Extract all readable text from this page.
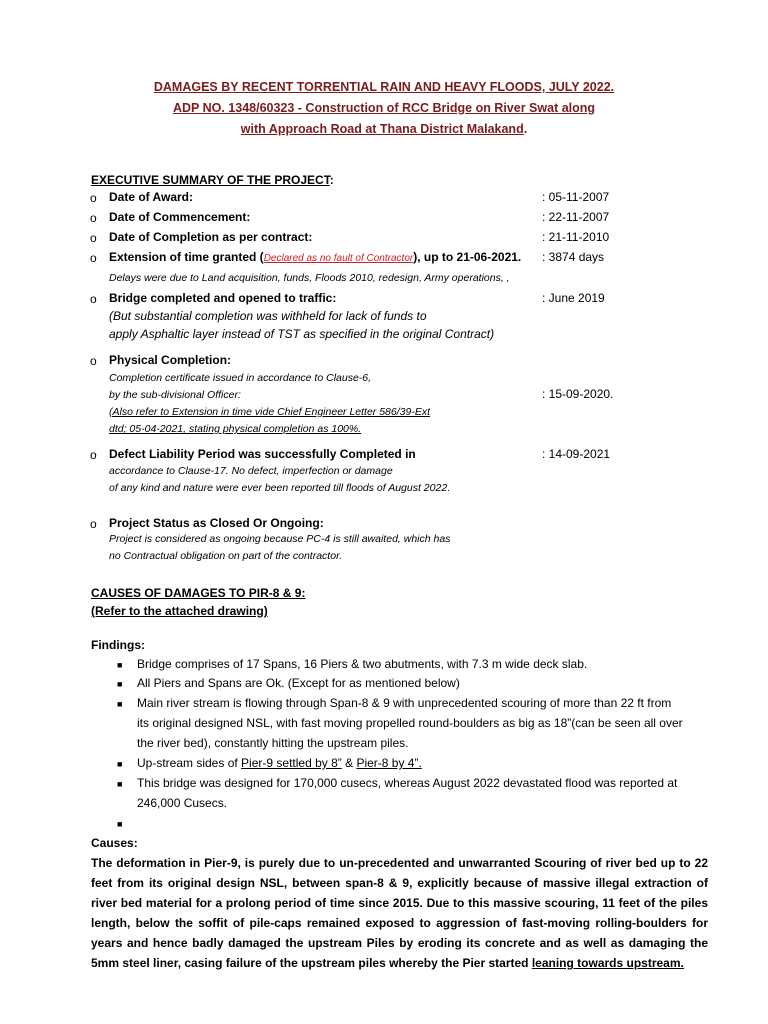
DAMAGES BY RECENT TORRENTIAL RAIN AND HEAVY FLOODS, JULY 2022.
ADP NO. 1348/60323 - Construction of RCC Bridge on River Swat along
with Approach Road at Thana District Malakand.
EXECUTIVE SUMMARY OF THE PROJECT:
o Date of Award:	: 05-11-2007
o Date of Commencement:	: 22-11-2007
o Date of Completion as per contract:	: 21-11-2010
o Extension of time granted (Declared as no fault of Contractor), up to 21-06-2021. : 3874 days
Delays were due to Land acquisition, funds, Floods 2010, redesign, Army operations, ,
o Bridge completed and opened to traffic:	: June 2019
(But substantial completion was withheld for lack of funds to
apply Asphaltic layer instead of TST as specified in the original Contract)
o Physical Completion:
Completion certificate issued in accordance to Clause-6,
by the sub-divisional Officer:	: 15-09-2020.
(Also refer to Extension in time vide Chief Engineer Letter 586/39-Ext
dtd; 05-04-2021, stating physical completion as 100%.
o Defect Liability Period was successfully Completed in	: 14-09-2021
accordance to Clause-17. No defect, imperfection or damage
of any kind and nature were ever been reported till floods of August 2022.
o Project Status as Closed Or Ongoing:
Project is considered as ongoing because PC-4 is still awaited, which has
no Contractual obligation on part of the contractor.
CAUSES OF DAMAGES TO PIR-8 & 9:
(Refer to the attached drawing)
Findings:
■ Bridge comprises of 17 Spans, 16 Piers & two abutments, with 7.3 m wide deck slab.
■ All Piers and Spans are Ok. (Except for as mentioned below)
■ Main river stream is flowing through Span-8 & 9 with unprecedented scouring of more than 22 ft from
its original designed NSL, with fast moving propelled round-boulders as big as 18”(can be seen all over
the river bed), constantly hitting the upstream piles.
■ Up-stream sides of Pier-9 settled by 8” & Pier-8 by 4”.
■ This bridge was designed for 170,000 cusecs, whereas August 2022 devastated flood was reported at
246,000 Cusecs.
■
Causes:
The deformation in Pier-9, is purely due to un-precedented and unwarranted Scouring of river bed up to 22 feet from its original design NSL, between span-8 & 9, explicitly because of massive illegal extraction of river bed material for a prolong period of time since 2015. Due to this massive scouring, 11 feet of the piles length, below the soffit of pile-caps remained exposed to aggression of fast-moving rolling-boulders for years and hence badly damaged the upstream Piles by eroding its concrete and as well as damaging the 5mm steel liner, casing failure of the upstream piles whereby the Pier started leaning towards upstream.
